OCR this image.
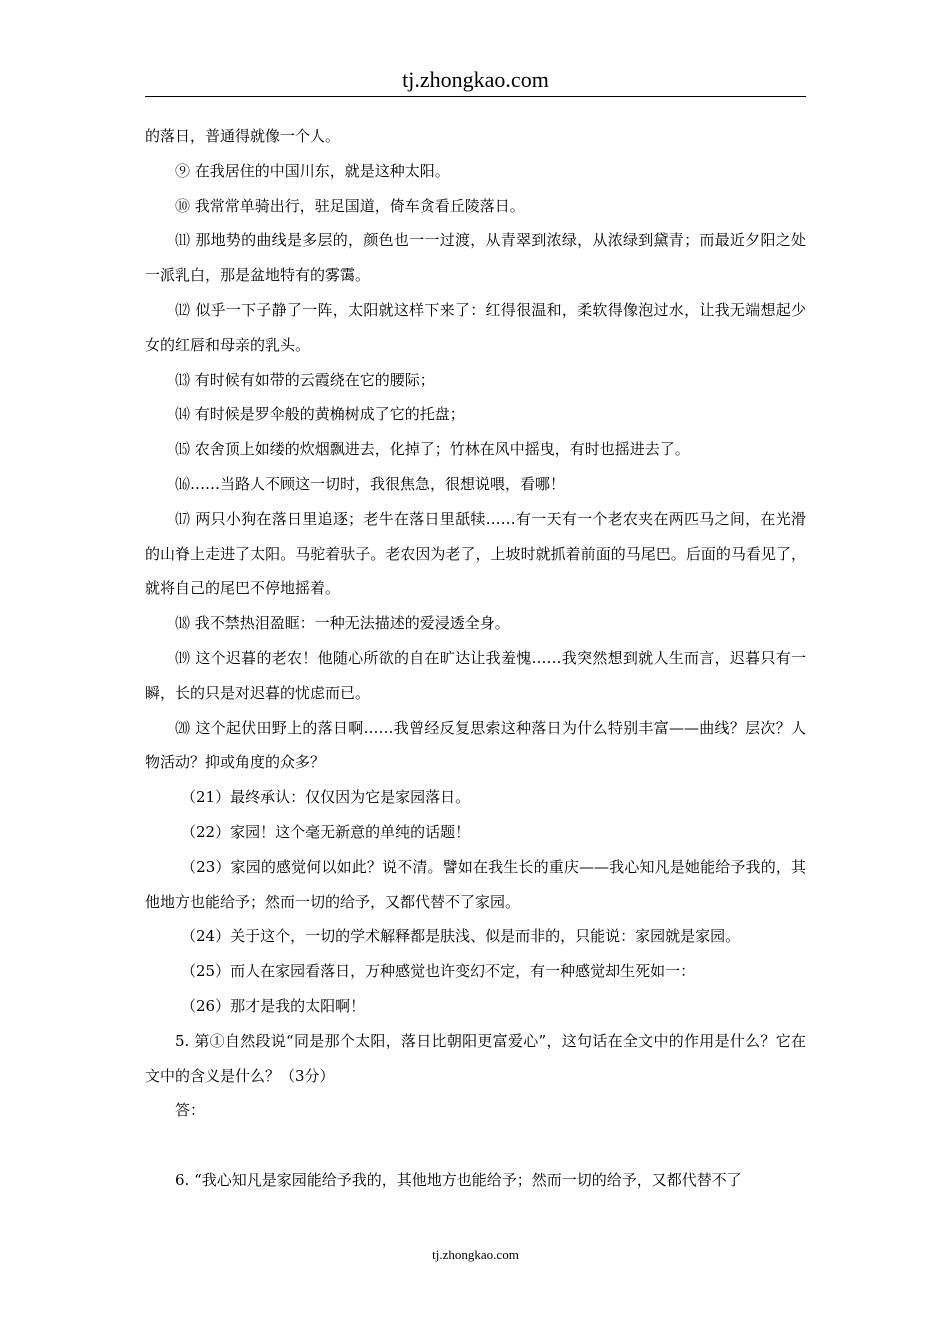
tj.zhongkao.com

的落日，普通得就像一个人。

⑨ 在我居住的中国川东，就是这种太阳。

⑩ 我常常单骑出行，驻足国道，倚车贪看丘陵落日。

⑾ 那地势的曲线是多层的，颜色也一一过渡，从青翠到浓绿，从浓绿到黛青；而最近夕阳之处一派乳白，那是盆地特有的雾霭。

⑿ 似乎一下子静了一阵，太阳就这样下来了：红得很温和，柔软得像泡过水，让我无端想起少女的红唇和母亲的乳头。

⒀ 有时候有如带的云霞绕在它的腰际；

⒁ 有时候是罗伞般的黄桷树成了它的托盘；

⒂ 农舍顶上如缕的炊烟飘进去，化掉了；竹林在风中摇曳，有时也摇进去了。

⒃……当路人不顾这一切时，我很焦急，很想说喂，看哪！

⒄ 两只小狗在落日里追逐；老牛在落日里舐犊……有一天有一个老农夹在两匹马之间，在光滑的山脊上走进了太阳。马驼着驮子。老农因为老了，上坡时就抓着前面的马尾巴。后面的马看见了，就将自己的尾巴不停地摇着。

⒅ 我不禁热泪盈眶：一种无法描述的爱浸透全身。

⒆ 这个迟暮的老农！他随心所欲的自在旷达让我羞愧……我突然想到就人生而言，迟暮只有一瞬，长的只是对迟暮的忧虑而已。

⒇ 这个起伏田野上的落日啊……我曾经反复思索这种落日为什么特别丰富——曲线？层次？人物活动？抑或角度的众多？

（21）最终承认：仅仅因为它是家园落日。

（22）家园！这个毫无新意的单纯的话题！

（23）家园的感觉何以如此？说不清。譬如在我生长的重庆——我心知凡是她能给予我的，其他地方也能给予；然而一切的给予，又都代替不了家园。

（24）关于这个，一切的学术解释都是肤浅、似是而非的，只能说：家园就是家园。

（25）而人在家园看落日，万种感觉也许变幻不定，有一种感觉却生死如一：

（26）那才是我的太阳啊！

5. 第①自然段说“同是那个太阳，落日比朝阳更富爱心”，这句话在全文中的作用是什么？它在文中的含义是什么？（3分）

答：

6. “我心知凡是家园能给予我的，其他地方也能给予；然而一切的给予，又都代替不了

tj.zhongkao.com
